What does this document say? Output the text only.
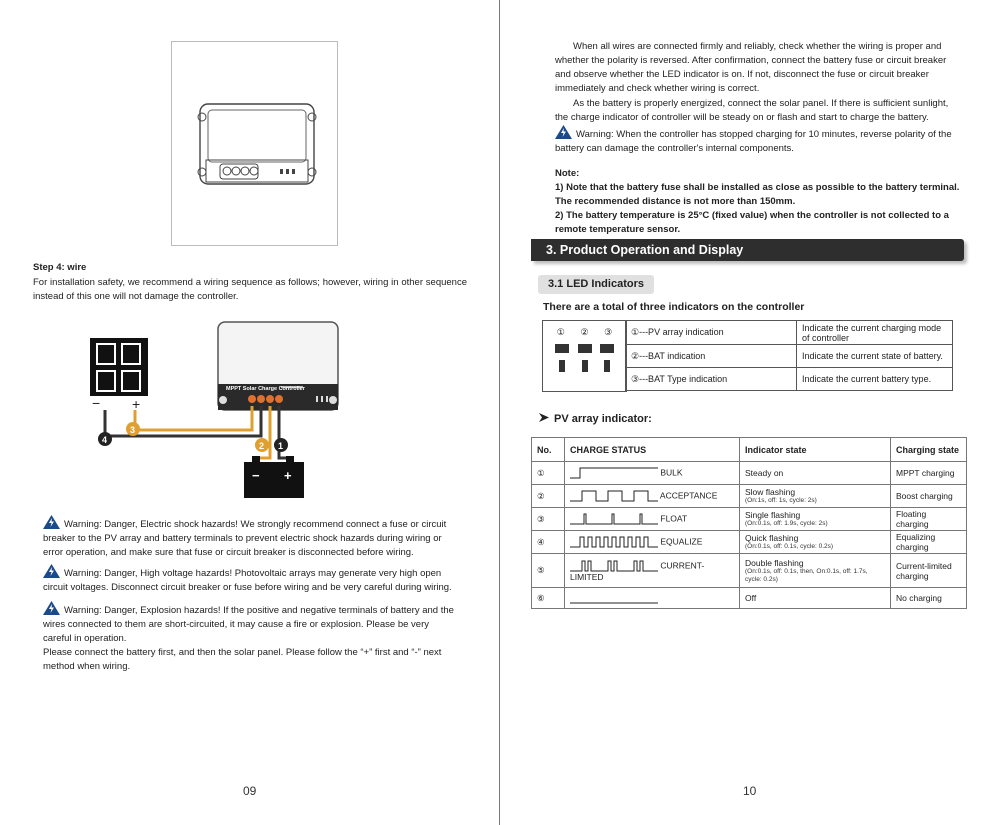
Step 4: wire

For installation safety, we recommend a wiring sequence as follows; however, wiring in other sequence instead of this one will not damage the controller.

MPPT Solar Charge Controller
− +
− +
4
3
2 1

Warning: Danger, Electric shock hazards! We strongly recommend connect a fuse or circuit breaker to the PV array and battery terminals to prevent electric shock hazards during wiring or error operation, and make sure that fuse or circuit breaker is disconnected before wiring.

Warning: Danger, High voltage hazards! Photovoltaic arrays may generate very high open circuit voltages. Disconnect circuit breaker or fuse before wiring and be very careful during wiring.

Warning: Danger, Explosion hazards! If the positive and negative terminals of battery and the wires connected to them are short-circuited, it may cause a fire or explosion. Please be very careful in operation.

Please connect the battery first, and then the solar panel. Please follow the “+” first and “-” next method when wiring.

09

When all wires are connected firmly and reliably, check whether the wiring is proper and whether the polarity is reversed. After confirmation, connect the battery fuse or circuit breaker and observe whether the LED indicator is on. If not, disconnect the fuse or circuit breaker immediately and check whether wiring is correct.

As the battery is properly energized, connect the solar panel. If there is sufficient sunlight, the charge indicator of controller will be steady on or flash and start to charge the battery.

Warning: When the controller has stopped charging for 10 minutes, reverse polarity of the battery can damage the controller's internal components.

Note:

1) Note that the battery fuse shall be installed as close as possible to the battery terminal. The recommended distance is not more than 150mm.

2) The battery temperature is 25°C (fixed value) when the controller is not collected to a remote temperature sensor.

3. Product Operation and Display
3.1 LED Indicators
There are a total of three indicators on the controller
① ② ③ ①---PV array indication	Indicate the current charging mode of controller
②---BAT indication	Indicate the current state of battery.
③---BAT Type indication	Indicate the current battery type.
PV array indicator:
No.	CHARGE STATUS	Indicator state	Charging state
①	BULK	Steady on	MPPT charging
②	ACCEPTANCE	Slow flashing
(On:1s, off: 1s, cycle: 2s)	Boost charging
③	FLOAT	Single flashing
(On:0.1s, off: 1.9s, cycle: 2s)	Floating charging
④	EQUALIZE	Quick flashing
(On:0.1s, off: 0.1s, cycle: 0.2s)	Equalizing charging
⑤	CURRENT-LIMITED	Double flashing
(On:0.1s, off: 0.1s, then, On:0.1s, off: 1.7s, cycle: 0.2s)	Current-limited charging
⑥		Off	No charging
10
